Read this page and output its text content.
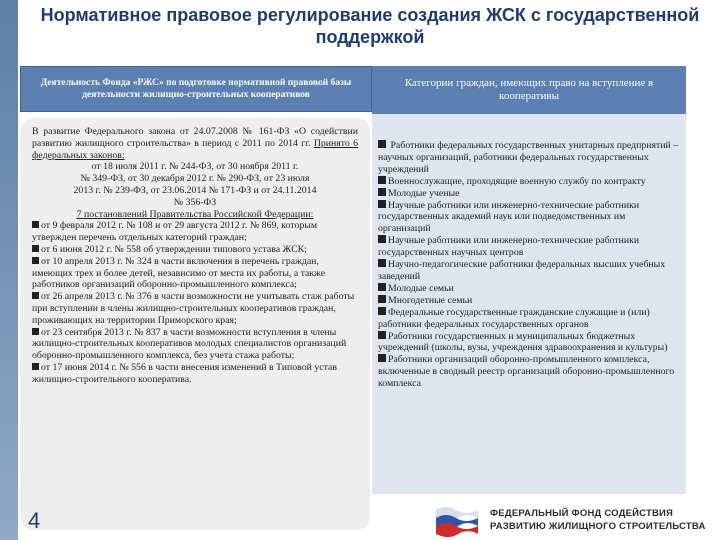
Нормативное правовое регулирование создания ЖСК с государственной поддержкой
Деятельность Фонда «РЖС» по подготовке нормативной правовой базы деятельности жилищно-строительных кооперативов

В развитие Федерального закона от 24.07.2008 № 161-ФЗ «О содействии развитию жилищного строительства» в период с 2011 по 2014 гг. Принято 6 федеральных законов:

от 18 июля 2011 г. № 244-ФЗ, от 30 ноября 2011 г.

№ 349-ФЗ, от 30 декабря 2012 г. № 290-ФЗ, от 23 июля

2013 г. № 239-ФЗ, от 23.06.2014 № 171-ФЗ и от 24.11.2014

№ 356-ФЗ

7 постановлений Правительства Российской Федерации:

от 9 февраля 2012 г. № 108 и от 29 августа 2012 г. № 869, которым утвержден перечень отдельных категорий граждан;

от 6 июня 2012 г. № 558 об утверждении типового устава ЖСК;

от 10 апреля 2013 г. № 324 в части включения в перечень граждан, имеющих трех и более детей, независимо от места их работы, а также работников организаций оборонно-промышленного комплекса;

от 26 апреля 2013 г. № 376 в части возможности не учитывать стаж работы при вступлении в члены жилищно-строительных кооперативов граждан, проживающих на территории Приморского края;

от 23 сентября 2013 г. № 837 в части возможности вступления в члены жилищно-строительных кооперативов молодых специалистов организаций оборонно-промышленного комплекса, без учета стажа работы;

от 17 июня 2014 г. № 556 в части внесения изменений в Типовой устав жилищно-строительного кооператива.

Категории граждан, имеющих право на вступление в кооперативы

Работники федеральных государственных унитарных предприятий – научных организаций, работники федеральных государственных учреждений

Военнослужащие, проходящие военную службу по контракту

Молодые ученые

Научные работники или инженерно-технические работники государственных академий наук или подведомственных им организаций

Научные работники или инженерно-технические работники государственных научных центров

Научно-педагогические работники федеральных высших учебных заведений

Молодые семьи

Многодетные семьи

Федеральные государственные гражданские служащие и (или) работники федеральных государственных органов

Работники государственных и муниципальных бюджетных учреждений (школы, вузы, учреждения здравоохранения и культуры)

Работники организаций оборонно-промышленного комплекса, включенные в сводный реестр организаций оборонно-промышленного комплекса

4	ФЕДЕРАЛЬНЫЙ ФОНД СОДЕЙСТВИЯ
РАЗВИТИЮ ЖИЛИЩНОГО СТРОИТЕЛЬСТВА
